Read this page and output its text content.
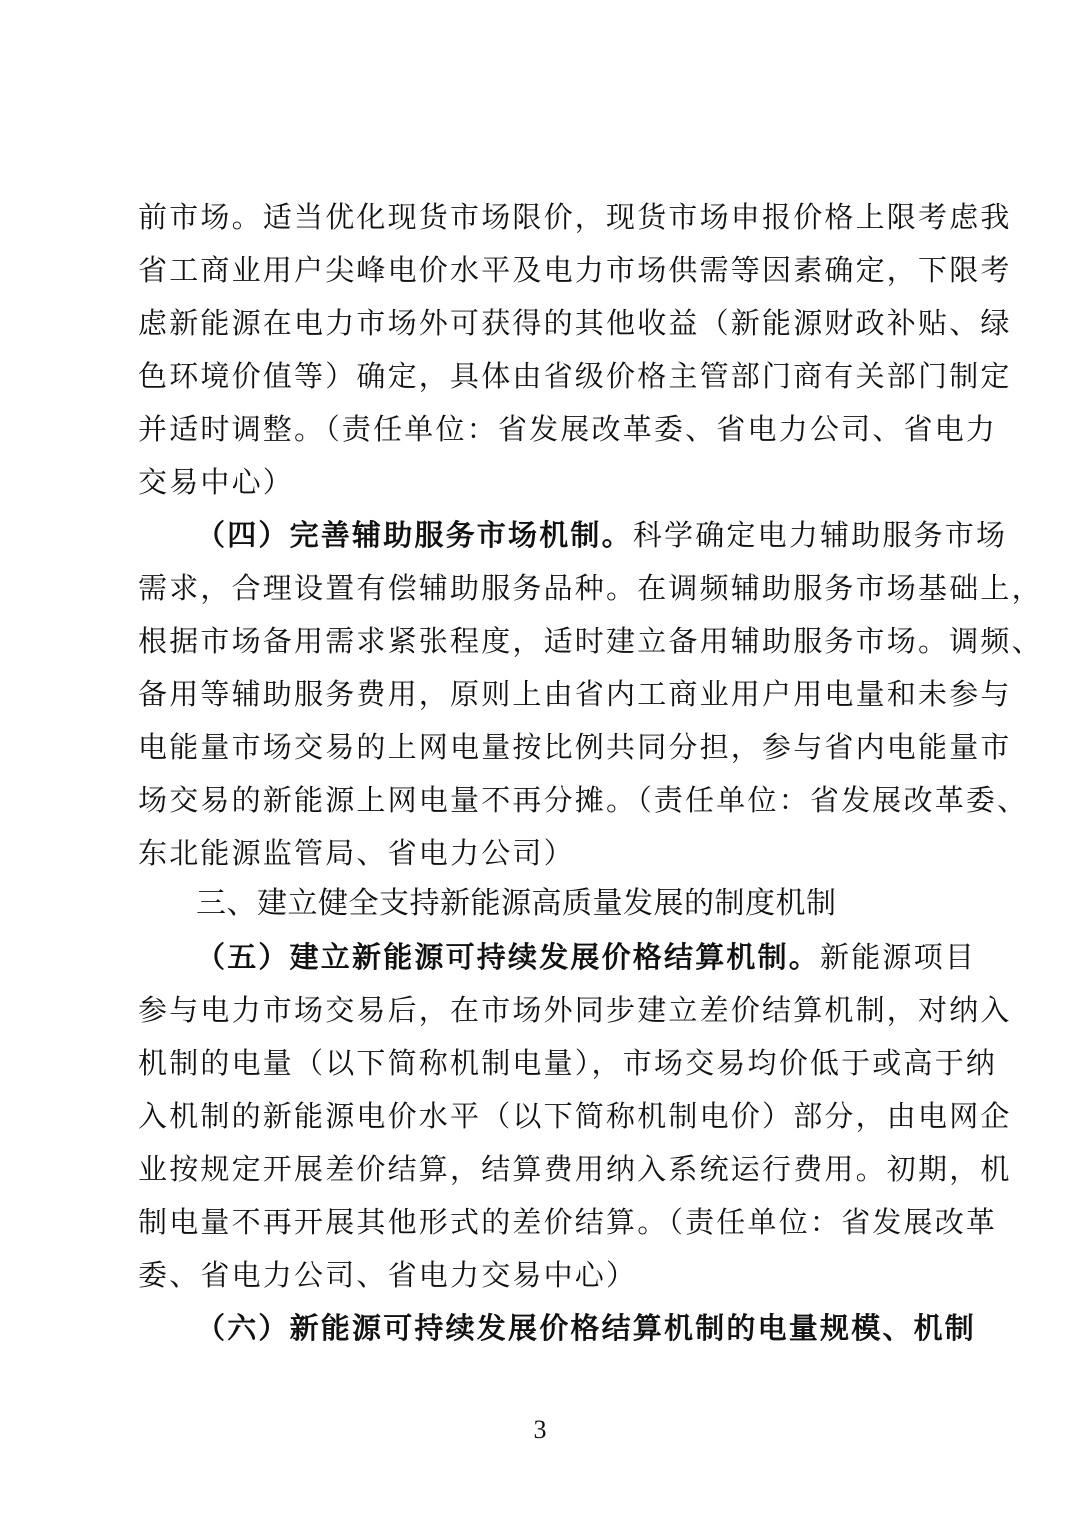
前市场。适当优化现货市场限价，现货市场申报价格上限考虑我
省工商业用户尖峰电价水平及电力市场供需等因素确定，下限考
虑新能源在电力市场外可获得的其他收益（新能源财政补贴、绿
色环境价值等）确定，具体由省级价格主管部门商有关部门制定
并适时调整。（责任单位：省发展改革委、省电力公司、省电力
交易中心）
（四）完善辅助服务市场机制。科学确定电力辅助服务市场
需求，合理设置有偿辅助服务品种。在调频辅助服务市场基础上，
根据市场备用需求紧张程度，适时建立备用辅助服务市场。调频、
备用等辅助服务费用，原则上由省内工商业用户用电量和未参与
电能量市场交易的上网电量按比例共同分担，参与省内电能量市
场交易的新能源上网电量不再分摊。（责任单位：省发展改革委、
东北能源监管局、省电力公司）
三、建立健全支持新能源高质量发展的制度机制
（五）建立新能源可持续发展价格结算机制。新能源项目
参与电力市场交易后，在市场外同步建立差价结算机制，对纳入
机制的电量（以下简称机制电量），市场交易均价低于或高于纳
入机制的新能源电价水平（以下简称机制电价）部分，由电网企
业按规定开展差价结算，结算费用纳入系统运行费用。初期，机
制电量不再开展其他形式的差价结算。（责任单位：省发展改革
委、省电力公司、省电力交易中心）
（六）新能源可持续发展价格结算机制的电量规模、机制
3
